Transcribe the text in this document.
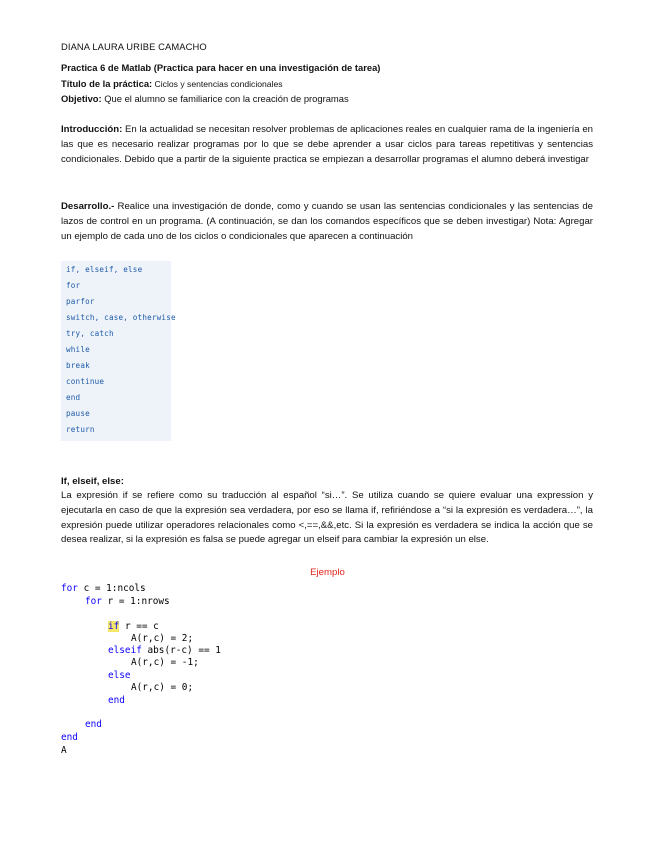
DIANA LAURA URIBE CAMACHO
Practica 6 de Matlab (Practica para hacer en una investigación de tarea)
Título de la práctica: Ciclos y sentencias condicionales
Objetivo: Que el alumno se familiarice con la creación de programas
Introducción: En la actualidad se necesitan resolver problemas de aplicaciones reales en cualquier rama de la ingeniería en las que es necesario realizar programas por lo que se debe aprender a usar ciclos para tareas repetitivas y sentencias condicionales. Debido que a partir de la siguiente practica se empiezan a desarrollar programas el alumno deberá investigar
Desarrollo.- Realice una investigación de donde, como y cuando se usan las sentencias condicionales y las sentencias de lazos de control en un programa. (A continuación, se dan los comandos específicos que se deben investigar) Nota: Agregar un ejemplo de cada uno de los ciclos o condicionales que aparecen a continuación
if, elseif, else
for
parfor
switch, case, otherwise
try, catch
while
break
continue
end
pause
return
If, elseif, else:
La expresión if se refiere como su traducción al español “si…”. Se utiliza cuando se quiere evaluar una expression y ejecutarla en caso de que la expresión sea verdadera, por eso se llama if, refiriéndose a “si la expresión es verdadera…”, la expresión puede utilizar operadores relacionales como <,==,&&,etc. Si la expresión es verdadera se indica la acción que se desea realizar, si la expresión es falsa se puede agregar un elseif para cambiar la expresión un else.
Ejemplo
for c = 1:ncols
for r = 1:nrows
if r == c
A(r,c) = 2;
elseif abs(r-c) == 1
A(r,c) = -1;
else
A(r,c) = 0;
end
end
end
A
